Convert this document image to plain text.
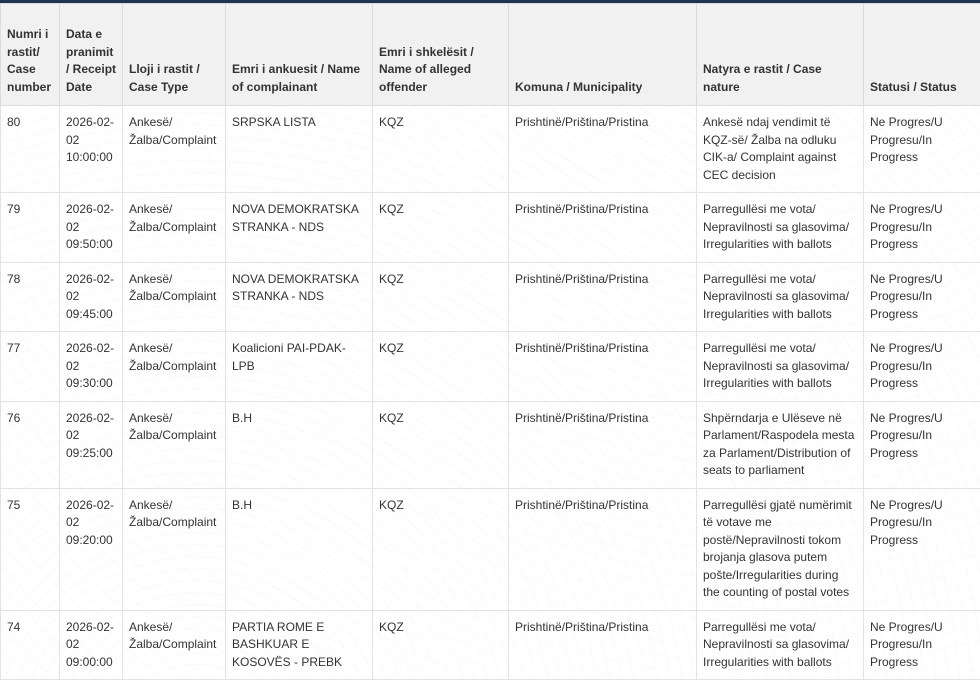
Numri i rastit/ Case number	Data e pranimit / Receipt Date	Lloji i rastit / Case Type	Emri i ankuesit / Name of complainant	Emri i shkelësit / Name of alleged offender	Komuna / Municipality	Natyra e rastit / Case nature	Statusi / Status
80	2026-02-02 10:00:00	Ankesë/ Žalba/Complaint	SRPSKA LISTA	KQZ	Prishtinë/Priština/Pristina	Ankesë ndaj vendimit të KQZ-së/ Žalba na odluku CIK-a/ Complaint against CEC decision	Ne Progres/U Progresu/In Progress
79	2026-02-02 09:50:00	Ankesë/ Žalba/Complaint	NOVA DEMOKRATSKA STRANKA - NDS	KQZ	Prishtinë/Priština/Pristina	Parregullësi me vota/ Nepravilnosti sa glasovima/ Irregularities with ballots	Ne Progres/U Progresu/In Progress
78	2026-02-02 09:45:00	Ankesë/ Žalba/Complaint	NOVA DEMOKRATSKA STRANKA - NDS	KQZ	Prishtinë/Priština/Pristina	Parregullësi me vota/ Nepravilnosti sa glasovima/ Irregularities with ballots	Ne Progres/U Progresu/In Progress
77	2026-02-02 09:30:00	Ankesë/ Žalba/Complaint	Koalicioni PAI-PDAK-LPB	KQZ	Prishtinë/Priština/Pristina	Parregullësi me vota/ Nepravilnosti sa glasovima/ Irregularities with ballots	Ne Progres/U Progresu/In Progress
76	2026-02-02 09:25:00	Ankesë/ Žalba/Complaint	B.H	KQZ	Prishtinë/Priština/Pristina	Shpërndarja e Ulëseve në Parlament/Raspodela mesta za Parlament/Distribution of seats to parliament	Ne Progres/U Progresu/In Progress
75	2026-02-02 09:20:00	Ankesë/ Žalba/Complaint	B.H	KQZ	Prishtinë/Priština/Pristina	Parregullësi gjatë numërimit të votave me postë/Nepravilnosti tokom brojanja glasova putem pošte/Irregularities during the counting of postal votes	Ne Progres/U Progresu/In Progress
74	2026-02-02 09:00:00	Ankesë/ Žalba/Complaint	PARTIA ROME E BASHKUAR E KOSOVËS - PREBK	KQZ	Prishtinë/Priština/Pristina	Parregullësi me vota/ Nepravilnosti sa glasovima/ Irregularities with ballots	Ne Progres/U Progresu/In Progress
